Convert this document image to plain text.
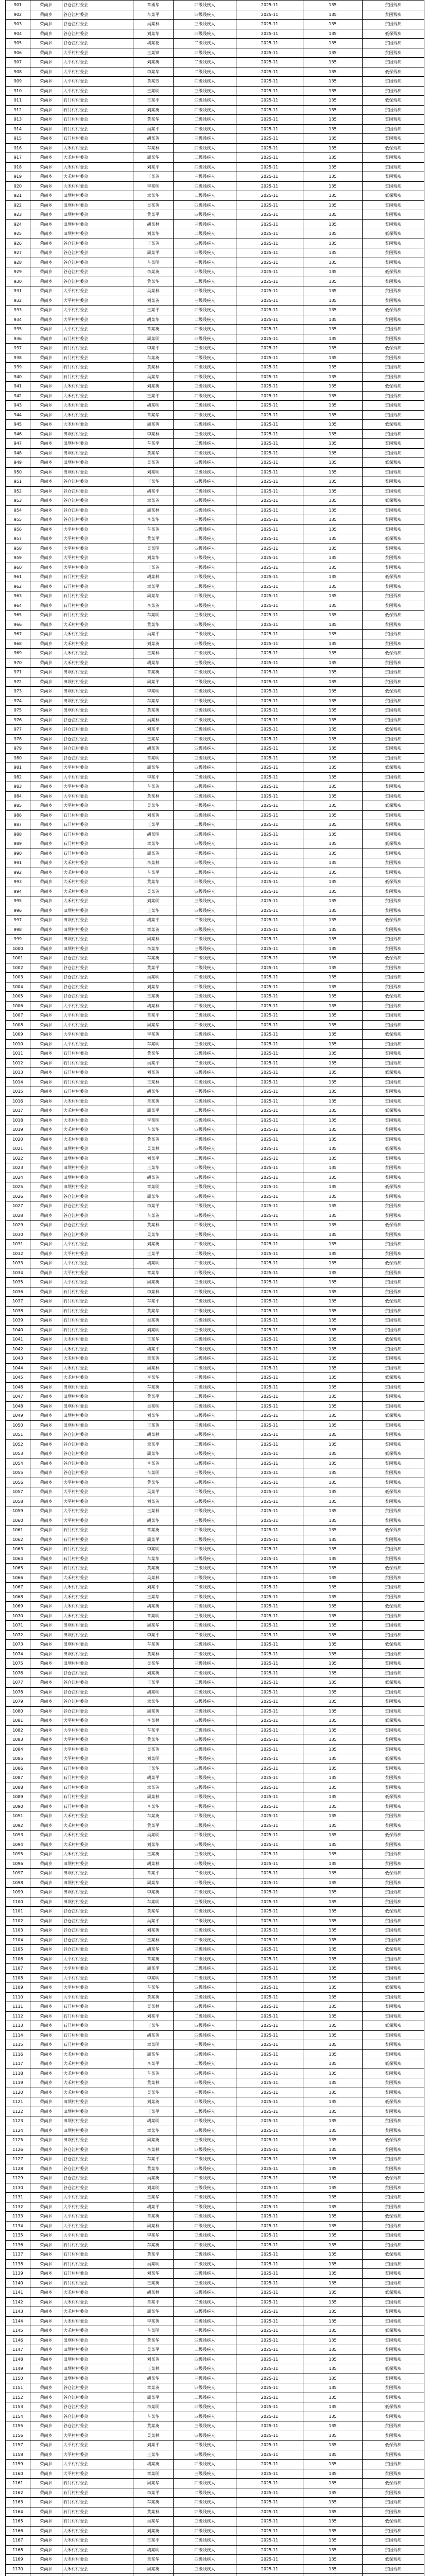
901	荣尚乡	谷仓江村委会	章勇华	四级残疾人	2025-11	135	贫困残疾
902	荣尚乡	谷仓江村委会	车某平	四级残疾人	2025-11	135	贫困残疾
903	荣尚乡	谷仓江村委会	吴某林	三级残疾人	2025-11	135	贫困残疾
904	荣尚乡	谷仓江村委会	刘某华	四级残疾人	2025-11	135	低保残疾
905	荣尚乡	谷仓江村委会	胡某花	二级残疾人	2025-11	135	贫困残疾
906	荣尚乡	大平村村委会	王某锋	四级残疾人	2025-11	135	贫困残疾
907	荣尚乡	大平村村委会	刘某英	二级残疾人	2025-11	135	贫困残疾
908	荣尚乡	大平村村委会	李某华	二级残疾人	2025-11	135	低保残疾
909	荣尚乡	大平村村委会	黄某芳	四级残疾人	2025-11	135	贫困残疾
910	荣尚乡	大平村村委会	王某明	三级残疾人	2025-11	135	贫困残疾
911	荣尚乡	石门村村委会	王某平	四级残疾人	2025-11	135	低保残疾
912	荣尚乡	石门村村委会	刘某英	四级残疾人	2025-11	135	贫困残疾
913	荣尚乡	石门村村委会	黄某华	二级残疾人	2025-11	135	贫困残疾
914	荣尚乡	石门村村委会	吴某平	四级残疾人	2025-11	135	贫困残疾
915	荣尚乡	石门村村委会	胡某英	三级残疾人	2025-11	135	贫困残疾
916	荣尚乡	大禾村村委会	车某林	四级残疾人	2025-11	135	低保残疾
917	荣尚乡	大禾村村委会	周某华	二级残疾人	2025-11	135	贫困残疾
918	荣尚乡	大禾村村委会	刘某平	四级残疾人	2025-11	135	贫困残疾
919	荣尚乡	大禾村村委会	王某英	三级残疾人	2025-11	135	贫困残疾
920	荣尚乡	大禾村村委会	李某明	四级残疾人	2025-11	135	贫困残疾
921	荣尚乡	田坝村村委会	章某华	二级残疾人	2025-11	135	低保残疾
922	荣尚乡	田坝村村委会	吴某英	四级残疾人	2025-11	135	贫困残疾
923	荣尚乡	田坝村村委会	黄某平	四级残疾人	2025-11	135	贫困残疾
924	荣尚乡	田坝村村委会	胡某林	三级残疾人	2025-11	135	贫困残疾
925	荣尚乡	田坝村村委会	刘某华	二级残疾人	2025-11	135	低保残疾
926	荣尚乡	谷仓江村委会	王某英	四级残疾人	2025-11	135	贫困残疾
927	荣尚乡	谷仓江村委会	周某平	四级残疾人	2025-11	135	贫困残疾
928	荣尚乡	谷仓江村委会	车某明	三级残疾人	2025-11	135	贫困残疾
929	荣尚乡	谷仓江村委会	李某英	四级残疾人	2025-11	135	低保残疾
930	荣尚乡	谷仓江村委会	黄某华	二级残疾人	2025-11	135	贫困残疾
931	荣尚乡	大平村村委会	吴某林	四级残疾人	2025-11	135	贫困残疾
932	荣尚乡	大平村村委会	刘某英	三级残疾人	2025-11	135	贫困残疾
933	荣尚乡	大平村村委会	王某平	四级残疾人	2025-11	135	低保残疾
934	荣尚乡	大平村村委会	胡某华	二级残疾人	2025-11	135	贫困残疾
935	荣尚乡	大平村村委会	章某英	四级残疾人	2025-11	135	贫困残疾
936	荣尚乡	石门村村委会	周某明	四级残疾人	2025-11	135	贫困残疾
937	荣尚乡	石门村村委会	李某平	三级残疾人	2025-11	135	低保残疾
938	荣尚乡	石门村村委会	车某英	二级残疾人	2025-11	135	贫困残疾
939	荣尚乡	石门村村委会	黄某林	四级残疾人	2025-11	135	贫困残疾
940	荣尚乡	石门村村委会	吴某华	四级残疾人	2025-11	135	贫困残疾
941	荣尚乡	大禾村村委会	刘某英	三级残疾人	2025-11	135	低保残疾
942	荣尚乡	大禾村村委会	王某平	四级残疾人	2025-11	135	贫困残疾
943	荣尚乡	大禾村村委会	胡某明	二级残疾人	2025-11	135	贫困残疾
944	荣尚乡	大禾村村委会	章某华	四级残疾人	2025-11	135	贫困残疾
945	荣尚乡	大禾村村委会	周某英	四级残疾人	2025-11	135	低保残疾
946	荣尚乡	田坝村村委会	李某林	三级残疾人	2025-11	135	贫困残疾
947	荣尚乡	田坝村村委会	车某平	二级残疾人	2025-11	135	贫困残疾
948	荣尚乡	田坝村村委会	黄某华	四级残疾人	2025-11	135	贫困残疾
949	荣尚乡	田坝村村委会	吴某英	四级残疾人	2025-11	135	低保残疾
950	荣尚乡	田坝村村委会	刘某明	三级残疾人	2025-11	135	贫困残疾
951	荣尚乡	谷仓江村委会	王某华	四级残疾人	2025-11	135	贫困残疾
952	荣尚乡	谷仓江村委会	胡某平	二级残疾人	2025-11	135	贫困残疾
953	荣尚乡	谷仓江村委会	章某英	四级残疾人	2025-11	135	低保残疾
954	荣尚乡	谷仓江村委会	周某林	四级残疾人	2025-11	135	贫困残疾
955	荣尚乡	谷仓江村委会	李某华	三级残疾人	2025-11	135	贫困残疾
956	荣尚乡	大平村村委会	车某英	四级残疾人	2025-11	135	贫困残疾
957	荣尚乡	大平村村委会	黄某平	二级残疾人	2025-11	135	低保残疾
958	荣尚乡	大平村村委会	吴某明	四级残疾人	2025-11	135	贫困残疾
959	荣尚乡	大平村村委会	刘某华	四级残疾人	2025-11	135	贫困残疾
960	荣尚乡	大平村村委会	王某英	三级残疾人	2025-11	135	贫困残疾
961	荣尚乡	石门村村委会	胡某林	四级残疾人	2025-11	135	低保残疾
962	荣尚乡	石门村村委会	章某平	二级残疾人	2025-11	135	贫困残疾
963	荣尚乡	石门村村委会	周某华	四级残疾人	2025-11	135	贫困残疾
964	荣尚乡	石门村村委会	李某英	四级残疾人	2025-11	135	贫困残疾
965	荣尚乡	石门村村委会	车某明	三级残疾人	2025-11	135	低保残疾
966	荣尚乡	大禾村村委会	黄某华	四级残疾人	2025-11	135	贫困残疾
967	荣尚乡	大禾村村委会	吴某平	二级残疾人	2025-11	135	贫困残疾
968	荣尚乡	大禾村村委会	刘某英	四级残疾人	2025-11	135	贫困残疾
969	荣尚乡	大禾村村委会	王某林	四级残疾人	2025-11	135	低保残疾
970	荣尚乡	大禾村村委会	胡某华	三级残疾人	2025-11	135	贫困残疾
971	荣尚乡	田坝村村委会	章某英	四级残疾人	2025-11	135	贫困残疾
972	荣尚乡	田坝村村委会	周某平	二级残疾人	2025-11	135	贫困残疾
973	荣尚乡	田坝村村委会	李某明	四级残疾人	2025-11	135	低保残疾
974	荣尚乡	田坝村村委会	车某华	四级残疾人	2025-11	135	贫困残疾
975	荣尚乡	田坝村村委会	黄某英	三级残疾人	2025-11	135	贫困残疾
976	荣尚乡	谷仓江村委会	吴某林	四级残疾人	2025-11	135	贫困残疾
977	荣尚乡	谷仓江村委会	刘某平	二级残疾人	2025-11	135	低保残疾
978	荣尚乡	谷仓江村委会	王某华	四级残疾人	2025-11	135	贫困残疾
979	荣尚乡	谷仓江村委会	胡某英	四级残疾人	2025-11	135	贫困残疾
980	荣尚乡	谷仓江村委会	章某明	三级残疾人	2025-11	135	贫困残疾
981	荣尚乡	大平村村委会	周某华	四级残疾人	2025-11	135	低保残疾
982	荣尚乡	大平村村委会	李某平	二级残疾人	2025-11	135	贫困残疾
983	荣尚乡	大平村村委会	车某英	四级残疾人	2025-11	135	贫困残疾
984	荣尚乡	大平村村委会	黄某林	四级残疾人	2025-11	135	贫困残疾
985	荣尚乡	大平村村委会	吴某华	三级残疾人	2025-11	135	低保残疾
986	荣尚乡	石门村村委会	刘某英	四级残疾人	2025-11	135	贫困残疾
987	荣尚乡	石门村村委会	王某平	二级残疾人	2025-11	135	贫困残疾
988	荣尚乡	石门村村委会	胡某明	四级残疾人	2025-11	135	贫困残疾
989	荣尚乡	石门村村委会	章某华	四级残疾人	2025-11	135	低保残疾
990	荣尚乡	石门村村委会	周某英	三级残疾人	2025-11	135	贫困残疾
991	荣尚乡	大禾村村委会	李某林	四级残疾人	2025-11	135	贫困残疾
992	荣尚乡	大禾村村委会	车某平	二级残疾人	2025-11	135	贫困残疾
993	荣尚乡	大禾村村委会	黄某华	四级残疾人	2025-11	135	低保残疾
994	荣尚乡	大禾村村委会	吴某英	四级残疾人	2025-11	135	贫困残疾
995	荣尚乡	大禾村村委会	刘某明	三级残疾人	2025-11	135	贫困残疾
996	荣尚乡	田坝村村委会	王某华	四级残疾人	2025-11	135	贫困残疾
997	荣尚乡	田坝村村委会	胡某平	二级残疾人	2025-11	135	低保残疾
998	荣尚乡	田坝村村委会	章某英	四级残疾人	2025-11	135	贫困残疾
999	荣尚乡	田坝村村委会	周某林	四级残疾人	2025-11	135	贫困残疾
1000	荣尚乡	田坝村村委会	李某华	三级残疾人	2025-11	135	贫困残疾
1001	荣尚乡	谷仓江村委会	车某英	四级残疾人	2025-11	135	低保残疾
1002	荣尚乡	谷仓江村委会	黄某平	二级残疾人	2025-11	135	贫困残疾
1003	荣尚乡	谷仓江村委会	吴某明	四级残疾人	2025-11	135	贫困残疾
1004	荣尚乡	谷仓江村委会	刘某华	四级残疾人	2025-11	135	贫困残疾
1005	荣尚乡	谷仓江村委会	王某英	三级残疾人	2025-11	135	低保残疾
1006	荣尚乡	大平村村委会	胡某林	四级残疾人	2025-11	135	贫困残疾
1007	荣尚乡	大平村村委会	章某平	二级残疾人	2025-11	135	贫困残疾
1008	荣尚乡	大平村村委会	周某华	四级残疾人	2025-11	135	贫困残疾
1009	荣尚乡	大平村村委会	李某英	四级残疾人	2025-11	135	低保残疾
1010	荣尚乡	大平村村委会	车某明	三级残疾人	2025-11	135	贫困残疾
1011	荣尚乡	石门村村委会	黄某华	四级残疾人	2025-11	135	贫困残疾
1012	荣尚乡	石门村村委会	吴某平	二级残疾人	2025-11	135	贫困残疾
1013	荣尚乡	石门村村委会	刘某英	四级残疾人	2025-11	135	低保残疾
1014	荣尚乡	石门村村委会	王某林	四级残疾人	2025-11	135	贫困残疾
1015	荣尚乡	石门村村委会	胡某华	三级残疾人	2025-11	135	贫困残疾
1016	荣尚乡	大禾村村委会	章某英	四级残疾人	2025-11	135	贫困残疾
1017	荣尚乡	大禾村村委会	周某平	二级残疾人	2025-11	135	低保残疾
1018	荣尚乡	大禾村村委会	李某明	四级残疾人	2025-11	135	贫困残疾
1019	荣尚乡	大禾村村委会	车某华	四级残疾人	2025-11	135	贫困残疾
1020	荣尚乡	大禾村村委会	黄某英	三级残疾人	2025-11	135	贫困残疾
1021	荣尚乡	田坝村村委会	吴某林	四级残疾人	2025-11	135	低保残疾
1022	荣尚乡	田坝村村委会	刘某平	二级残疾人	2025-11	135	贫困残疾
1023	荣尚乡	田坝村村委会	王某华	四级残疾人	2025-11	135	贫困残疾
1024	荣尚乡	田坝村村委会	胡某英	四级残疾人	2025-11	135	贫困残疾
1025	荣尚乡	田坝村村委会	章某明	三级残疾人	2025-11	135	低保残疾
1026	荣尚乡	谷仓江村委会	周某华	四级残疾人	2025-11	135	贫困残疾
1027	荣尚乡	谷仓江村委会	李某平	二级残疾人	2025-11	135	贫困残疾
1028	荣尚乡	谷仓江村委会	车某英	四级残疾人	2025-11	135	贫困残疾
1029	荣尚乡	谷仓江村委会	黄某林	四级残疾人	2025-11	135	低保残疾
1030	荣尚乡	谷仓江村委会	吴某华	三级残疾人	2025-11	135	贫困残疾
1031	荣尚乡	大平村村委会	刘某英	四级残疾人	2025-11	135	贫困残疾
1032	荣尚乡	大平村村委会	王某平	二级残疾人	2025-11	135	贫困残疾
1033	荣尚乡	大平村村委会	胡某明	四级残疾人	2025-11	135	低保残疾
1034	荣尚乡	大平村村委会	章某华	四级残疾人	2025-11	135	贫困残疾
1035	荣尚乡	大平村村委会	周某英	三级残疾人	2025-11	135	贫困残疾
1036	荣尚乡	石门村村委会	李某林	四级残疾人	2025-11	135	贫困残疾
1037	荣尚乡	石门村村委会	车某平	二级残疾人	2025-11	135	低保残疾
1038	荣尚乡	石门村村委会	黄某华	四级残疾人	2025-11	135	贫困残疾
1039	荣尚乡	石门村村委会	吴某英	四级残疾人	2025-11	135	贫困残疾
1040	荣尚乡	石门村村委会	刘某明	三级残疾人	2025-11	135	贫困残疾
1041	荣尚乡	大禾村村委会	王某华	四级残疾人	2025-11	135	低保残疾
1042	荣尚乡	大禾村村委会	胡某平	二级残疾人	2025-11	135	贫困残疾
1043	荣尚乡	大禾村村委会	章某英	四级残疾人	2025-11	135	贫困残疾
1044	荣尚乡	大禾村村委会	周某林	四级残疾人	2025-11	135	贫困残疾
1045	荣尚乡	大禾村村委会	李某华	三级残疾人	2025-11	135	低保残疾
1046	荣尚乡	田坝村村委会	车某英	四级残疾人	2025-11	135	贫困残疾
1047	荣尚乡	田坝村村委会	黄某平	二级残疾人	2025-11	135	贫困残疾
1048	荣尚乡	田坝村村委会	吴某明	四级残疾人	2025-11	135	贫困残疾
1049	荣尚乡	田坝村村委会	刘某华	四级残疾人	2025-11	135	低保残疾
1050	荣尚乡	田坝村村委会	王某英	三级残疾人	2025-11	135	贫困残疾
1051	荣尚乡	谷仓江村委会	胡某林	四级残疾人	2025-11	135	贫困残疾
1052	荣尚乡	谷仓江村委会	章某平	二级残疾人	2025-11	135	贫困残疾
1053	荣尚乡	谷仓江村委会	周某华	四级残疾人	2025-11	135	低保残疾
1054	荣尚乡	谷仓江村委会	李某英	四级残疾人	2025-11	135	贫困残疾
1055	荣尚乡	谷仓江村委会	车某明	三级残疾人	2025-11	135	贫困残疾
1056	荣尚乡	大平村村委会	黄某华	四级残疾人	2025-11	135	贫困残疾
1057	荣尚乡	大平村村委会	吴某平	二级残疾人	2025-11	135	低保残疾
1058	荣尚乡	大平村村委会	刘某英	四级残疾人	2025-11	135	贫困残疾
1059	荣尚乡	大平村村委会	王某林	四级残疾人	2025-11	135	贫困残疾
1060	荣尚乡	大平村村委会	胡某华	三级残疾人	2025-11	135	贫困残疾
1061	荣尚乡	石门村村委会	章某英	四级残疾人	2025-11	135	低保残疾
1062	荣尚乡	石门村村委会	周某平	二级残疾人	2025-11	135	贫困残疾
1063	荣尚乡	石门村村委会	李某明	四级残疾人	2025-11	135	贫困残疾
1064	荣尚乡	石门村村委会	车某华	四级残疾人	2025-11	135	贫困残疾
1065	荣尚乡	石门村村委会	黄某英	三级残疾人	2025-11	135	低保残疾
1066	荣尚乡	大禾村村委会	吴某林	四级残疾人	2025-11	135	贫困残疾
1067	荣尚乡	大禾村村委会	刘某平	二级残疾人	2025-11	135	贫困残疾
1068	荣尚乡	大禾村村委会	王某华	四级残疾人	2025-11	135	贫困残疾
1069	荣尚乡	大禾村村委会	胡某英	四级残疾人	2025-11	135	低保残疾
1070	荣尚乡	大禾村村委会	章某明	三级残疾人	2025-11	135	贫困残疾
1071	荣尚乡	田坝村村委会	周某华	四级残疾人	2025-11	135	贫困残疾
1072	荣尚乡	田坝村村委会	李某平	二级残疾人	2025-11	135	贫困残疾
1073	荣尚乡	田坝村村委会	车某英	四级残疾人	2025-11	135	低保残疾
1074	荣尚乡	田坝村村委会	黄某林	四级残疾人	2025-11	135	贫困残疾
1075	荣尚乡	田坝村村委会	吴某华	三级残疾人	2025-11	135	贫困残疾
1076	荣尚乡	谷仓江村委会	刘某英	四级残疾人	2025-11	135	贫困残疾
1077	荣尚乡	谷仓江村委会	王某平	二级残疾人	2025-11	135	低保残疾
1078	荣尚乡	谷仓江村委会	胡某明	四级残疾人	2025-11	135	贫困残疾
1079	荣尚乡	谷仓江村委会	章某华	四级残疾人	2025-11	135	贫困残疾
1080	荣尚乡	谷仓江村委会	周某英	三级残疾人	2025-11	135	贫困残疾
1081	荣尚乡	大平村村委会	李某林	四级残疾人	2025-11	135	低保残疾
1082	荣尚乡	大平村村委会	车某平	二级残疾人	2025-11	135	贫困残疾
1083	荣尚乡	大平村村委会	黄某华	四级残疾人	2025-11	135	贫困残疾
1084	荣尚乡	大平村村委会	吴某英	四级残疾人	2025-11	135	贫困残疾
1085	荣尚乡	大平村村委会	刘某明	三级残疾人	2025-11	135	低保残疾
1086	荣尚乡	石门村村委会	王某华	四级残疾人	2025-11	135	贫困残疾
1087	荣尚乡	石门村村委会	胡某平	二级残疾人	2025-11	135	贫困残疾
1088	荣尚乡	石门村村委会	章某英	四级残疾人	2025-11	135	贫困残疾
1089	荣尚乡	石门村村委会	周某林	四级残疾人	2025-11	135	低保残疾
1090	荣尚乡	石门村村委会	李某华	三级残疾人	2025-11	135	贫困残疾
1091	荣尚乡	大禾村村委会	车某英	四级残疾人	2025-11	135	贫困残疾
1092	荣尚乡	大禾村村委会	黄某平	二级残疾人	2025-11	135	贫困残疾
1093	荣尚乡	大禾村村委会	吴某明	四级残疾人	2025-11	135	低保残疾
1094	荣尚乡	大禾村村委会	刘某华	四级残疾人	2025-11	135	贫困残疾
1095	荣尚乡	大禾村村委会	王某英	三级残疾人	2025-11	135	贫困残疾
1096	荣尚乡	田坝村村委会	胡某林	四级残疾人	2025-11	135	贫困残疾
1097	荣尚乡	田坝村村委会	章某平	二级残疾人	2025-11	135	低保残疾
1098	荣尚乡	田坝村村委会	周某华	四级残疾人	2025-11	135	贫困残疾
1099	荣尚乡	田坝村村委会	李某英	四级残疾人	2025-11	135	贫困残疾
1100	荣尚乡	田坝村村委会	车某明	三级残疾人	2025-11	135	贫困残疾
1101	荣尚乡	谷仓江村委会	黄某华	四级残疾人	2025-11	135	低保残疾
1102	荣尚乡	谷仓江村委会	吴某平	二级残疾人	2025-11	135	贫困残疾
1103	荣尚乡	谷仓江村委会	刘某英	四级残疾人	2025-11	135	贫困残疾
1104	荣尚乡	谷仓江村委会	王某林	四级残疾人	2025-11	135	贫困残疾
1105	荣尚乡	谷仓江村委会	胡某华	三级残疾人	2025-11	135	低保残疾
1106	荣尚乡	大平村村委会	章某英	四级残疾人	2025-11	135	贫困残疾
1107	荣尚乡	大平村村委会	周某平	二级残疾人	2025-11	135	贫困残疾
1108	荣尚乡	大平村村委会	李某明	四级残疾人	2025-11	135	贫困残疾
1109	荣尚乡	大平村村委会	车某华	四级残疾人	2025-11	135	低保残疾
1110	荣尚乡	大平村村委会	黄某英	三级残疾人	2025-11	135	贫困残疾
1111	荣尚乡	石门村村委会	吴某林	四级残疾人	2025-11	135	贫困残疾
1112	荣尚乡	石门村村委会	刘某平	二级残疾人	2025-11	135	贫困残疾
1113	荣尚乡	石门村村委会	王某华	四级残疾人	2025-11	135	低保残疾
1114	荣尚乡	石门村村委会	胡某英	四级残疾人	2025-11	135	贫困残疾
1115	荣尚乡	石门村村委会	章某明	三级残疾人	2025-11	135	贫困残疾
1116	荣尚乡	大禾村村委会	周某华	四级残疾人	2025-11	135	贫困残疾
1117	荣尚乡	大禾村村委会	李某平	二级残疾人	2025-11	135	低保残疾
1118	荣尚乡	大禾村村委会	车某英	四级残疾人	2025-11	135	贫困残疾
1119	荣尚乡	大禾村村委会	黄某林	四级残疾人	2025-11	135	贫困残疾
1120	荣尚乡	大禾村村委会	吴某华	三级残疾人	2025-11	135	贫困残疾
1121	荣尚乡	田坝村村委会	刘某英	四级残疾人	2025-11	135	低保残疾
1122	荣尚乡	田坝村村委会	王某平	二级残疾人	2025-11	135	贫困残疾
1123	荣尚乡	田坝村村委会	胡某明	四级残疾人	2025-11	135	贫困残疾
1124	荣尚乡	田坝村村委会	章某华	四级残疾人	2025-11	135	贫困残疾
1125	荣尚乡	田坝村村委会	周某英	三级残疾人	2025-11	135	低保残疾
1126	荣尚乡	谷仓江村委会	李某林	四级残疾人	2025-11	135	贫困残疾
1127	荣尚乡	谷仓江村委会	车某平	二级残疾人	2025-11	135	贫困残疾
1128	荣尚乡	谷仓江村委会	黄某华	四级残疾人	2025-11	135	贫困残疾
1129	荣尚乡	谷仓江村委会	吴某英	四级残疾人	2025-11	135	低保残疾
1130	荣尚乡	谷仓江村委会	刘某明	三级残疾人	2025-11	135	贫困残疾
1131	荣尚乡	大平村村委会	王某华	四级残疾人	2025-11	135	贫困残疾
1132	荣尚乡	大平村村委会	胡某平	二级残疾人	2025-11	135	贫困残疾
1133	荣尚乡	大平村村委会	章某英	四级残疾人	2025-11	135	低保残疾
1134	荣尚乡	大平村村委会	周某林	四级残疾人	2025-11	135	贫困残疾
1135	荣尚乡	大平村村委会	李某华	三级残疾人	2025-11	135	贫困残疾
1136	荣尚乡	石门村村委会	车某英	四级残疾人	2025-11	135	贫困残疾
1137	荣尚乡	石门村村委会	黄某平	二级残疾人	2025-11	135	低保残疾
1138	荣尚乡	石门村村委会	吴某明	四级残疾人	2025-11	135	贫困残疾
1139	荣尚乡	石门村村委会	刘某华	四级残疾人	2025-11	135	贫困残疾
1140	荣尚乡	石门村村委会	王某英	三级残疾人	2025-11	135	贫困残疾
1141	荣尚乡	大禾村村委会	胡某林	四级残疾人	2025-11	135	低保残疾
1142	荣尚乡	大禾村村委会	章某平	二级残疾人	2025-11	135	贫困残疾
1143	荣尚乡	大禾村村委会	周某华	四级残疾人	2025-11	135	贫困残疾
1144	荣尚乡	大禾村村委会	李某英	四级残疾人	2025-11	135	贫困残疾
1145	荣尚乡	大禾村村委会	车某明	三级残疾人	2025-11	135	低保残疾
1146	荣尚乡	田坝村村委会	黄某华	四级残疾人	2025-11	135	贫困残疾
1147	荣尚乡	田坝村村委会	吴某平	二级残疾人	2025-11	135	贫困残疾
1148	荣尚乡	田坝村村委会	刘某英	四级残疾人	2025-11	135	贫困残疾
1149	荣尚乡	田坝村村委会	王某林	四级残疾人	2025-11	135	低保残疾
1150	荣尚乡	田坝村村委会	胡某华	三级残疾人	2025-11	135	贫困残疾
1151	荣尚乡	谷仓江村委会	章某英	四级残疾人	2025-11	135	贫困残疾
1152	荣尚乡	谷仓江村委会	周某平	二级残疾人	2025-11	135	贫困残疾
1153	荣尚乡	谷仓江村委会	李某明	四级残疾人	2025-11	135	低保残疾
1154	荣尚乡	谷仓江村委会	车某华	四级残疾人	2025-11	135	贫困残疾
1155	荣尚乡	谷仓江村委会	黄某英	三级残疾人	2025-11	135	贫困残疾
1156	荣尚乡	大平村村委会	吴某林	四级残疾人	2025-11	135	贫困残疾
1157	荣尚乡	大平村村委会	刘某平	二级残疾人	2025-11	135	低保残疾
1158	荣尚乡	大平村村委会	王某华	四级残疾人	2025-11	135	贫困残疾
1159	荣尚乡	大平村村委会	胡某英	四级残疾人	2025-11	135	贫困残疾
1160	荣尚乡	大平村村委会	章某明	三级残疾人	2025-11	135	贫困残疾
1161	荣尚乡	石门村村委会	周某华	四级残疾人	2025-11	135	低保残疾
1162	荣尚乡	石门村村委会	李某平	二级残疾人	2025-11	135	贫困残疾
1163	荣尚乡	石门村村委会	车某英	四级残疾人	2025-11	135	贫困残疾
1164	荣尚乡	石门村村委会	黄某林	四级残疾人	2025-11	135	贫困残疾
1165	荣尚乡	石门村村委会	吴某华	三级残疾人	2025-11	135	低保残疾
1166	荣尚乡	大禾村村委会	刘某英	四级残疾人	2025-11	135	贫困残疾
1167	荣尚乡	大禾村村委会	王某平	二级残疾人	2025-11	135	贫困残疾
1168	荣尚乡	大禾村村委会	胡某明	四级残疾人	2025-11	135	贫困残疾
1169	荣尚乡	大禾村村委会	章某华	四级残疾人	2025-11	135	低保残疾
1170	荣尚乡	大禾村村委会	周某英	三级残疾人	2025-11	135	贫困残疾
